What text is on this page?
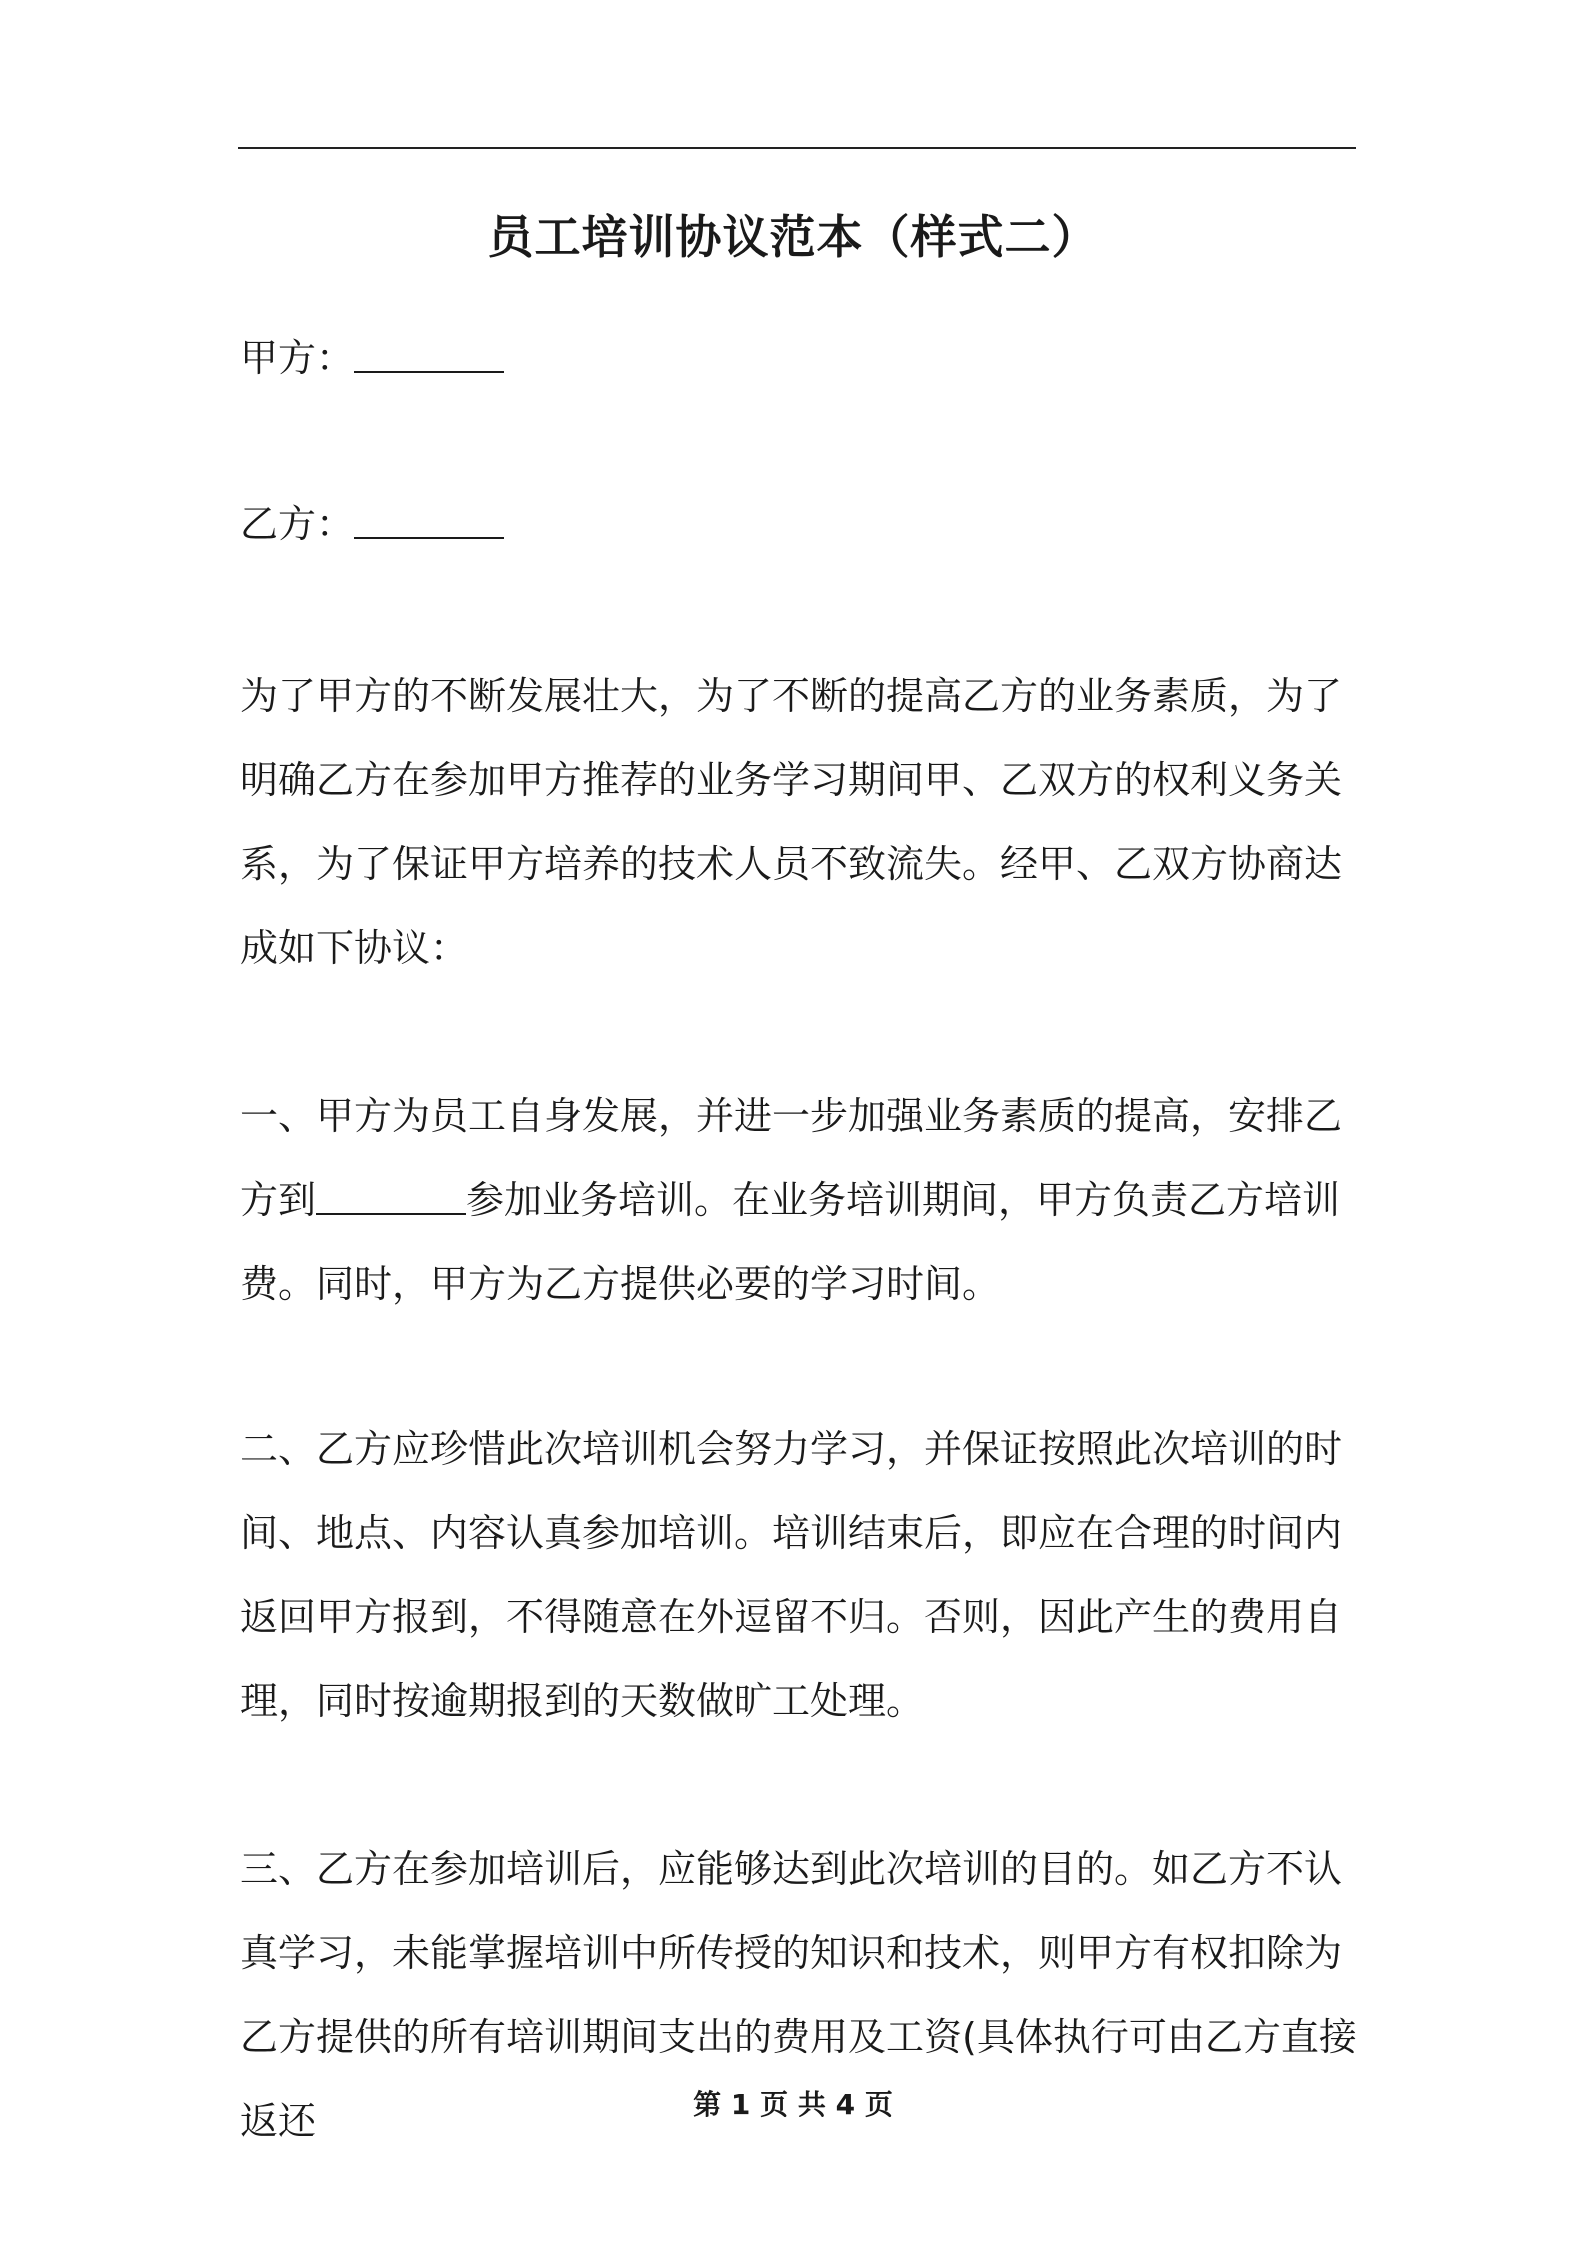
员工培训协议范本（样式二）
甲方：
乙方：
为了甲方的不断发展壮大，为了不断的提高乙方的业务素质，为了明确乙方在参加甲方推荐的业务学习期间甲、乙双方的权利义务关系，为了保证甲方培养的技术人员不致流失。经甲、乙双方协商达成如下协议：
一、甲方为员工自身发展，并进一步加强业务素质的提高，安排乙方到	参加业务培训。在业务培训期间，甲方负责乙方培训费。同时，甲方为乙方提供必要的学习时间。
二、乙方应珍惜此次培训机会努力学习，并保证按照此次培训的时间、地点、内容认真参加培训。培训结束后，即应在合理的时间内返回甲方报到，不得随意在外逗留不归。否则，因此产生的费用自理，同时按逾期报到的天数做旷工处理。
三、乙方在参加培训后，应能够达到此次培训的目的。如乙方不认真学习，未能掌握培训中所传授的知识和技术，则甲方有权扣除为乙方提供的所有培训期间支出的费用及工资(具体执行可由乙方直接返还	第 1 页 共 4 页
